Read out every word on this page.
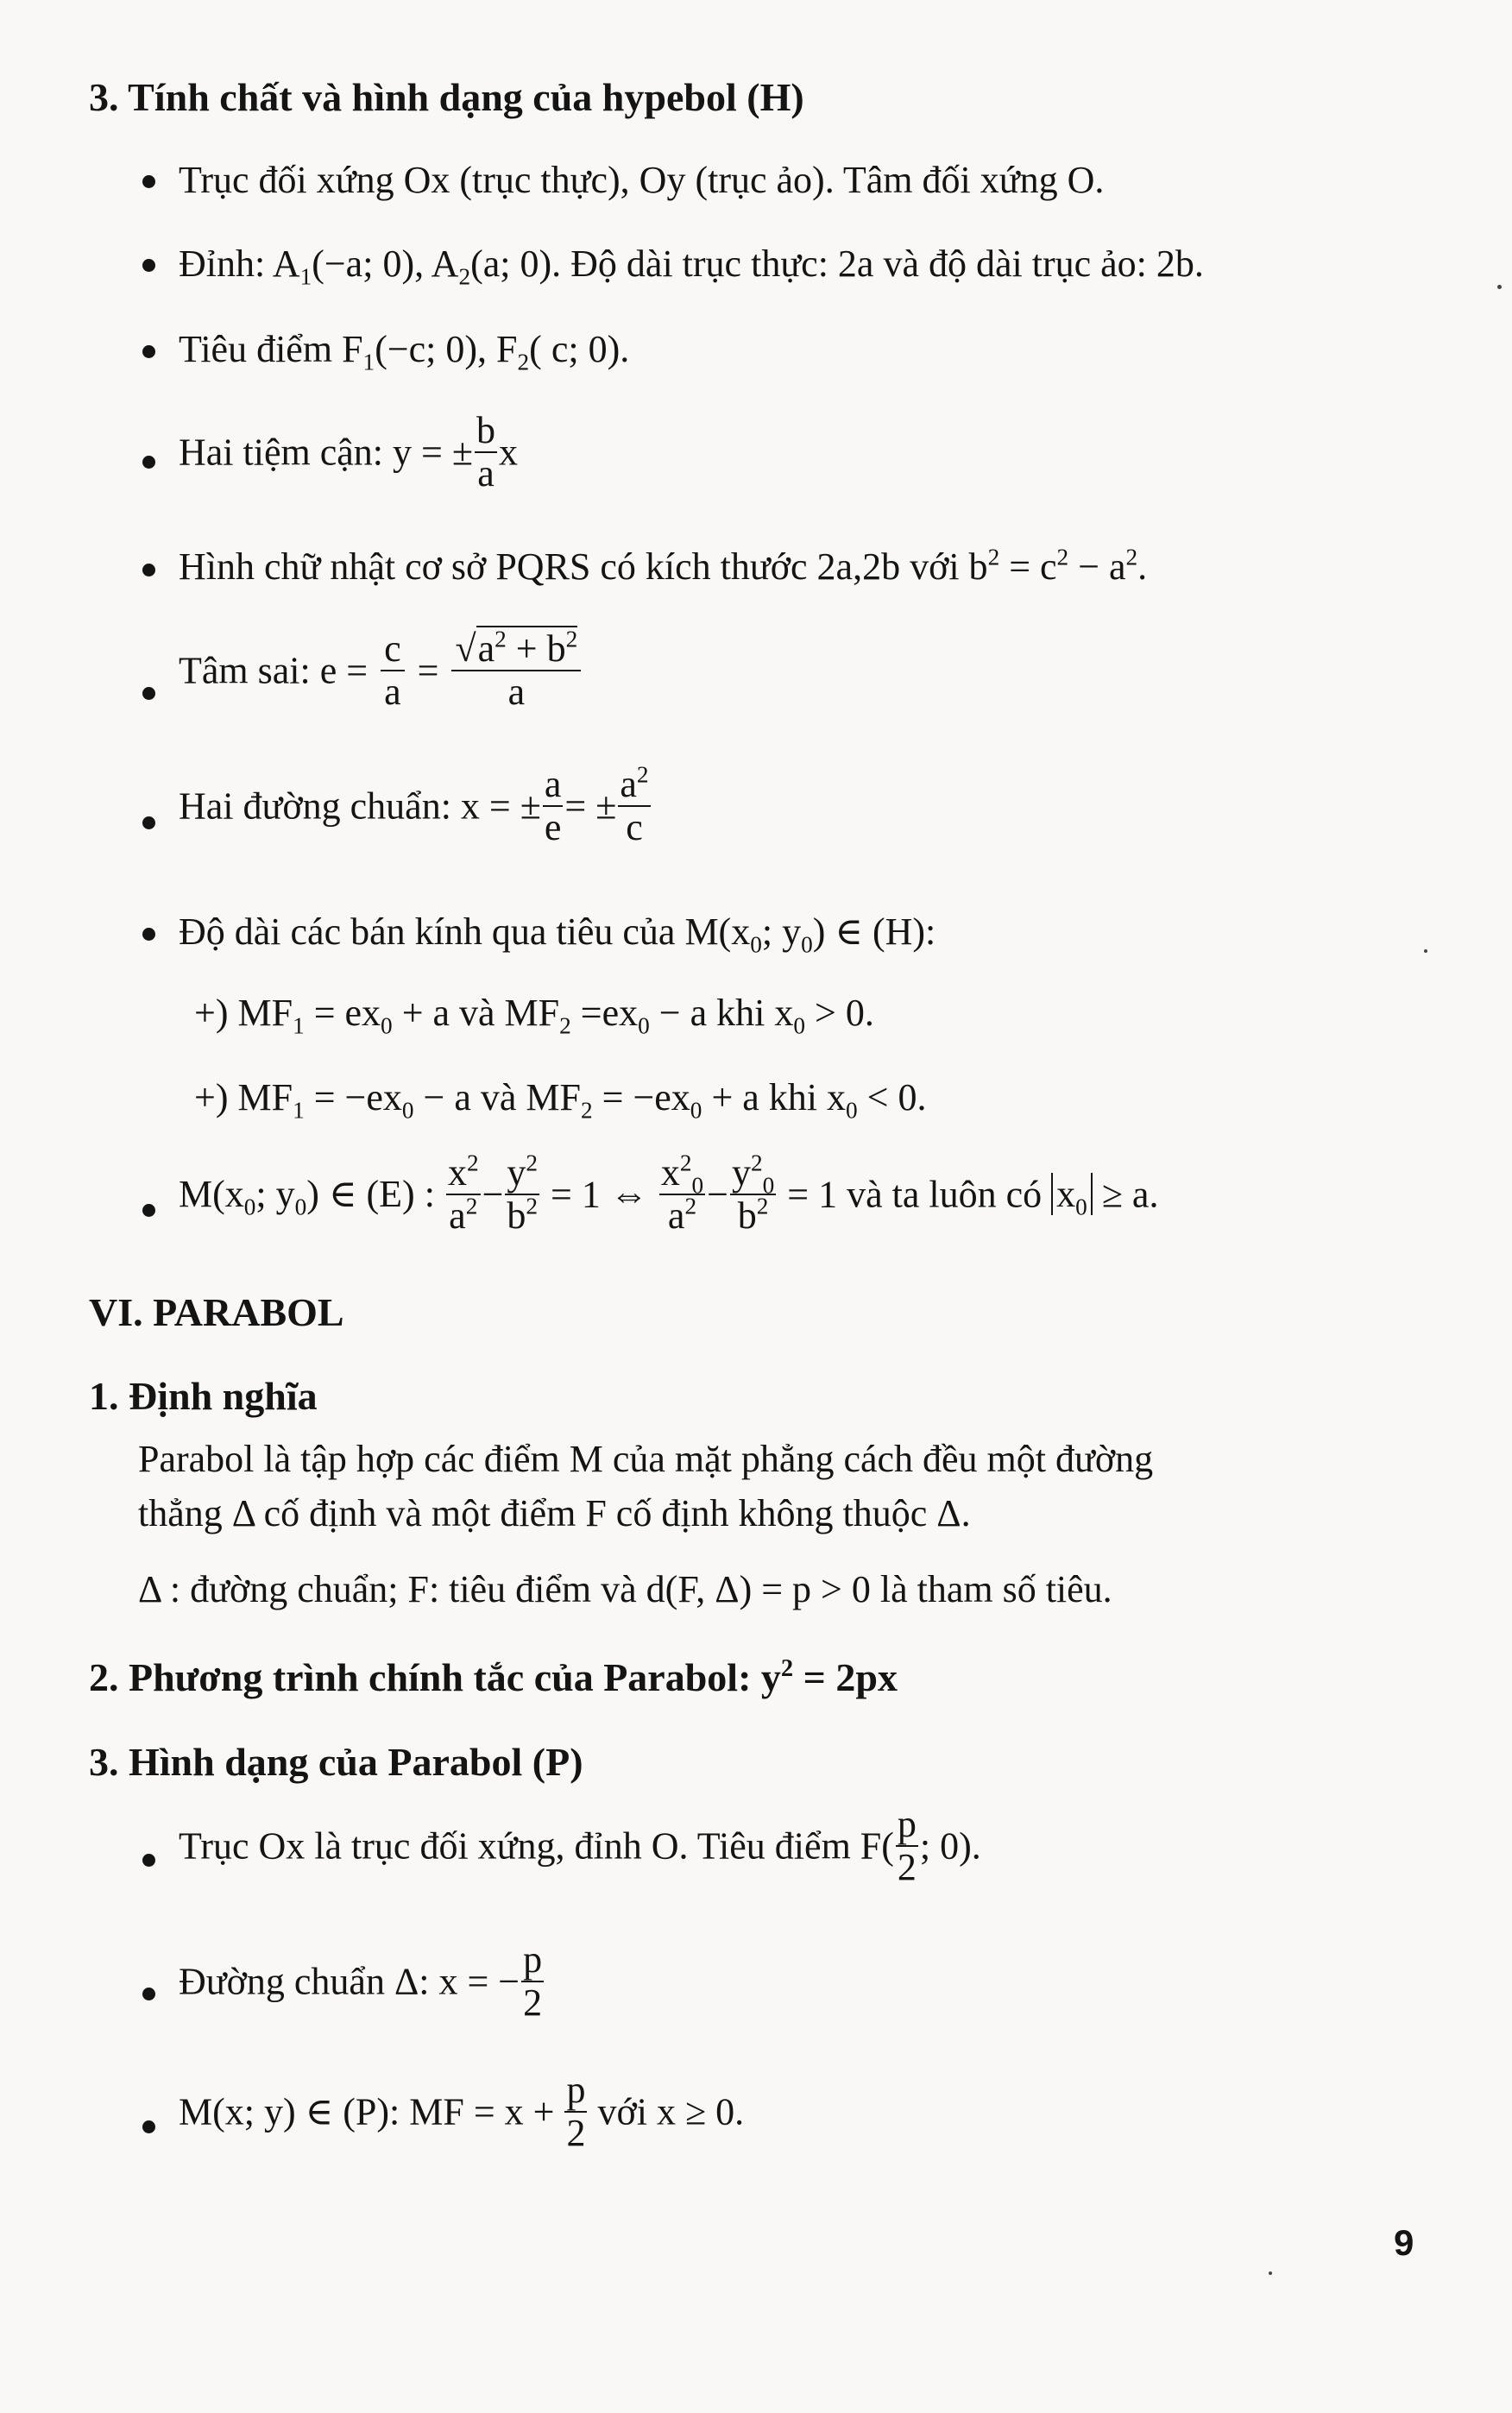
3. Tính chất và hình dạng của hypebol (H)
Trục đối xứng Ox (trục thực), Oy (trục ảo). Tâm đối xứng O.
Đỉnh: $A_1(-a$; 0), $A_2(a$; 0). Độ dài trục thực: 2a và độ dài trục ảo: 2b.
Tiêu điểm $F_1(-c$; 0), $F_2$( c; 0).
Hai tiệm cận: y = ± $\frac{b}{a}$ x
Hình chữ nhật cơ sở PQRS có kích thước 2a,2b với $b^2 = c^2 - a^2$.
Tâm sai: $e = \frac{c}{a} = \frac{√a^2 + b^2}{a}$
Hai đường chuẩn: x = ± $\frac{a}{e}$ = ± $\frac{a^2}{c}$
Độ dài các bán kính qua tiêu của $M(x_0$; $y_0$) ∈ (H):
+) $MF_1 = ex_0 + a$ và $MF_2 =ex_0 - a$ khi $x_0 > 0$.
+) $MF_1 = -ex_0 - a$ và $MF_2 = -ex_0 + a$ khi $x_0 < 0$.
$M(x_0$; $y_0$) ∈ (E) : $\frac{x^2}{a^2} - \frac{y^2}{b^2} = 1$ ⇔ $\frac{x^2_0}{a^2} - \frac{y^2_0}{b^2} = 1$ và ta luôn có $x_0 \ge a$.
VI. PARABOL
1. Định nghĩa
Parabol là tập hợp các điểm M của mặt phẳng cách đều một đường
thẳng Δ cố định và một điểm F cố định không thuộc Δ.
Δ : đường chuẩn; F: tiêu điểm và d(F, Δ) = p > 0 là tham số tiêu.
2. Phương trình chính tắc của Parabol: $y^2 = 2px$
3. Hình dạng của Parabol (P)
Trục Ox là trục đối xứng, đỉnh O. Tiêu điểm $F( \frac{p}{2}$ ; 0).
Đường chuẩn Δ: x = − $\frac{p}{2}$
M(x; y) ∈ (P): MF = $x + \frac{p}{2}$ với x ≥ 0.
9
